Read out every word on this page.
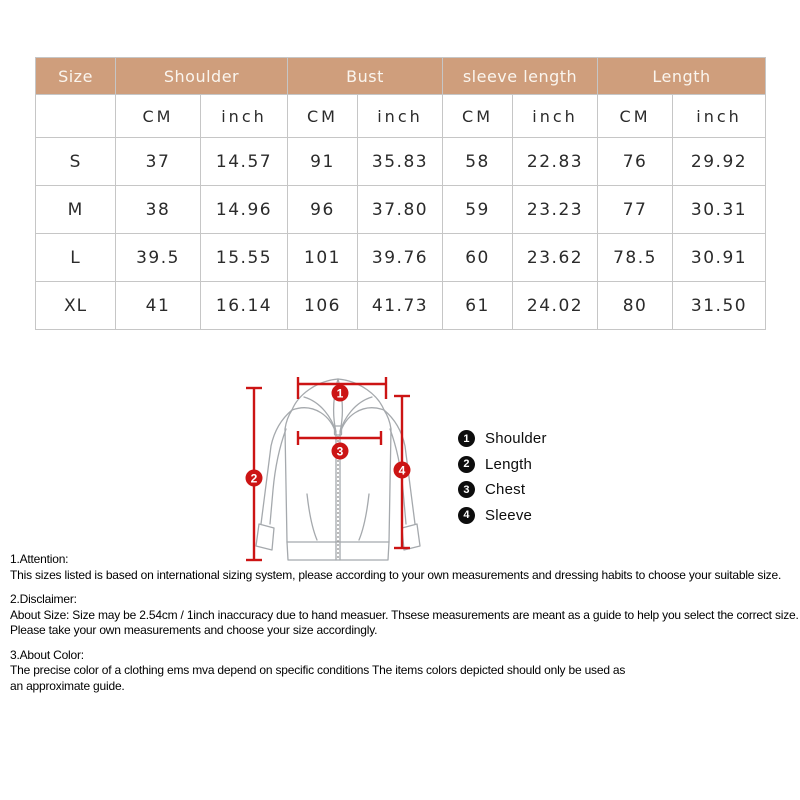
Size	Shoulder		Bust		sleeve length		Length	
	CM	inch	CM	inch	CM	inch	CM	inch
S	37	14.57	91	35.83	58	22.83	76	29.92
M	38	14.96	96	37.80	59	23.23	77	30.31
L	39.5	15.55	101	39.76	60	23.62	78.5	30.91
XL	41	16.14	106	41.73	61	24.02	80	31.50
1
2
3
4
1	Shoulder
2	Length
3	Chest
4	Sleeve
1.Attention:
This sizes listed is based on international sizing system, please according to your own measurements and dressing habits to choose your suitable size.
2.Disclaimer:
About Size: Size may be 2.54cm / 1inch inaccuracy due to hand measuer. Thsese measurements are meant as a guide to help you select the correct size.
Please take your own measurements and choose your size accordingly.
3.About Color:
The precise color of a clothing ems mva depend on specific conditions The items colors depicted should only be used as
an approximate guide.
